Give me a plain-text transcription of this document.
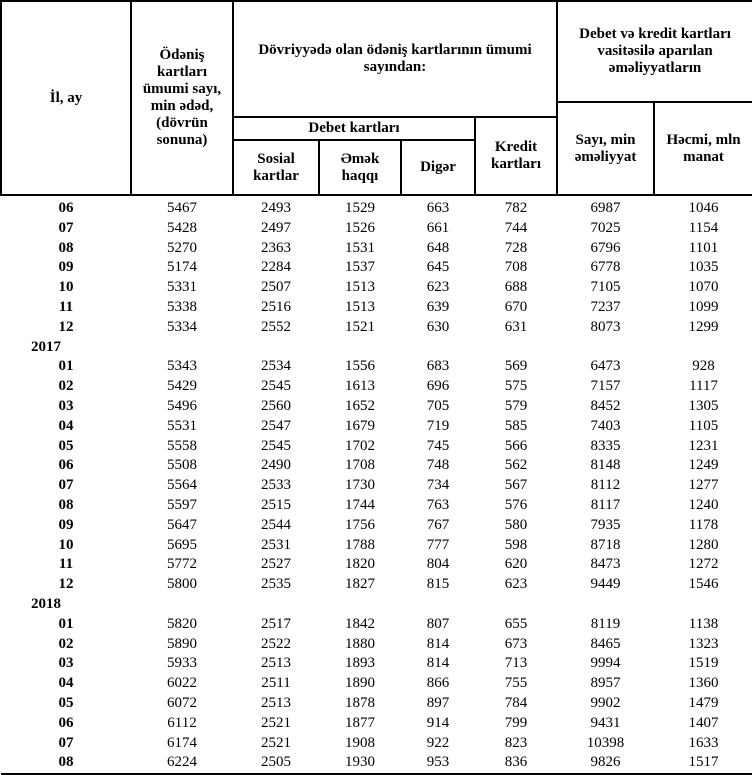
İl, ay	Ödəniş kartları ümumi sayı, min ədəd, (dövrün sonuna)	Dövriyyədə olan ödəniş kartlarının ümumi sayından:				Debet və kredit kartları vasitəsilə aparılan əməliyyatların	
						Sayı, min əməliyyat	Həcmi, mln manat
		Debet kartları			Kredit kartları		
		Sosial kartlar	Əmək haqqı	Digər			
06	5467	2493	1529	663	782	6987	1046
07	5428	2497	1526	661	744	7025	1154
08	5270	2363	1531	648	728	6796	1101
09	5174	2284	1537	645	708	6778	1035
10	5331	2507	1513	623	688	7105	1070
11	5338	2516	1513	639	670	7237	1099
12	5334	2552	1521	630	631	8073	1299
2017							
01	5343	2534	1556	683	569	6473	928
02	5429	2545	1613	696	575	7157	1117
03	5496	2560	1652	705	579	8452	1305
04	5531	2547	1679	719	585	7403	1105
05	5558	2545	1702	745	566	8335	1231
06	5508	2490	1708	748	562	8148	1249
07	5564	2533	1730	734	567	8112	1277
08	5597	2515	1744	763	576	8117	1240
09	5647	2544	1756	767	580	7935	1178
10	5695	2531	1788	777	598	8718	1280
11	5772	2527	1820	804	620	8473	1272
12	5800	2535	1827	815	623	9449	1546
2018							
01	5820	2517	1842	807	655	8119	1138
02	5890	2522	1880	814	673	8465	1323
03	5933	2513	1893	814	713	9994	1519
04	6022	2511	1890	866	755	8957	1360
05	6072	2513	1878	897	784	9902	1479
06	6112	2521	1877	914	799	9431	1407
07	6174	2521	1908	922	823	10398	1633
08	6224	2505	1930	953	836	9826	1517
